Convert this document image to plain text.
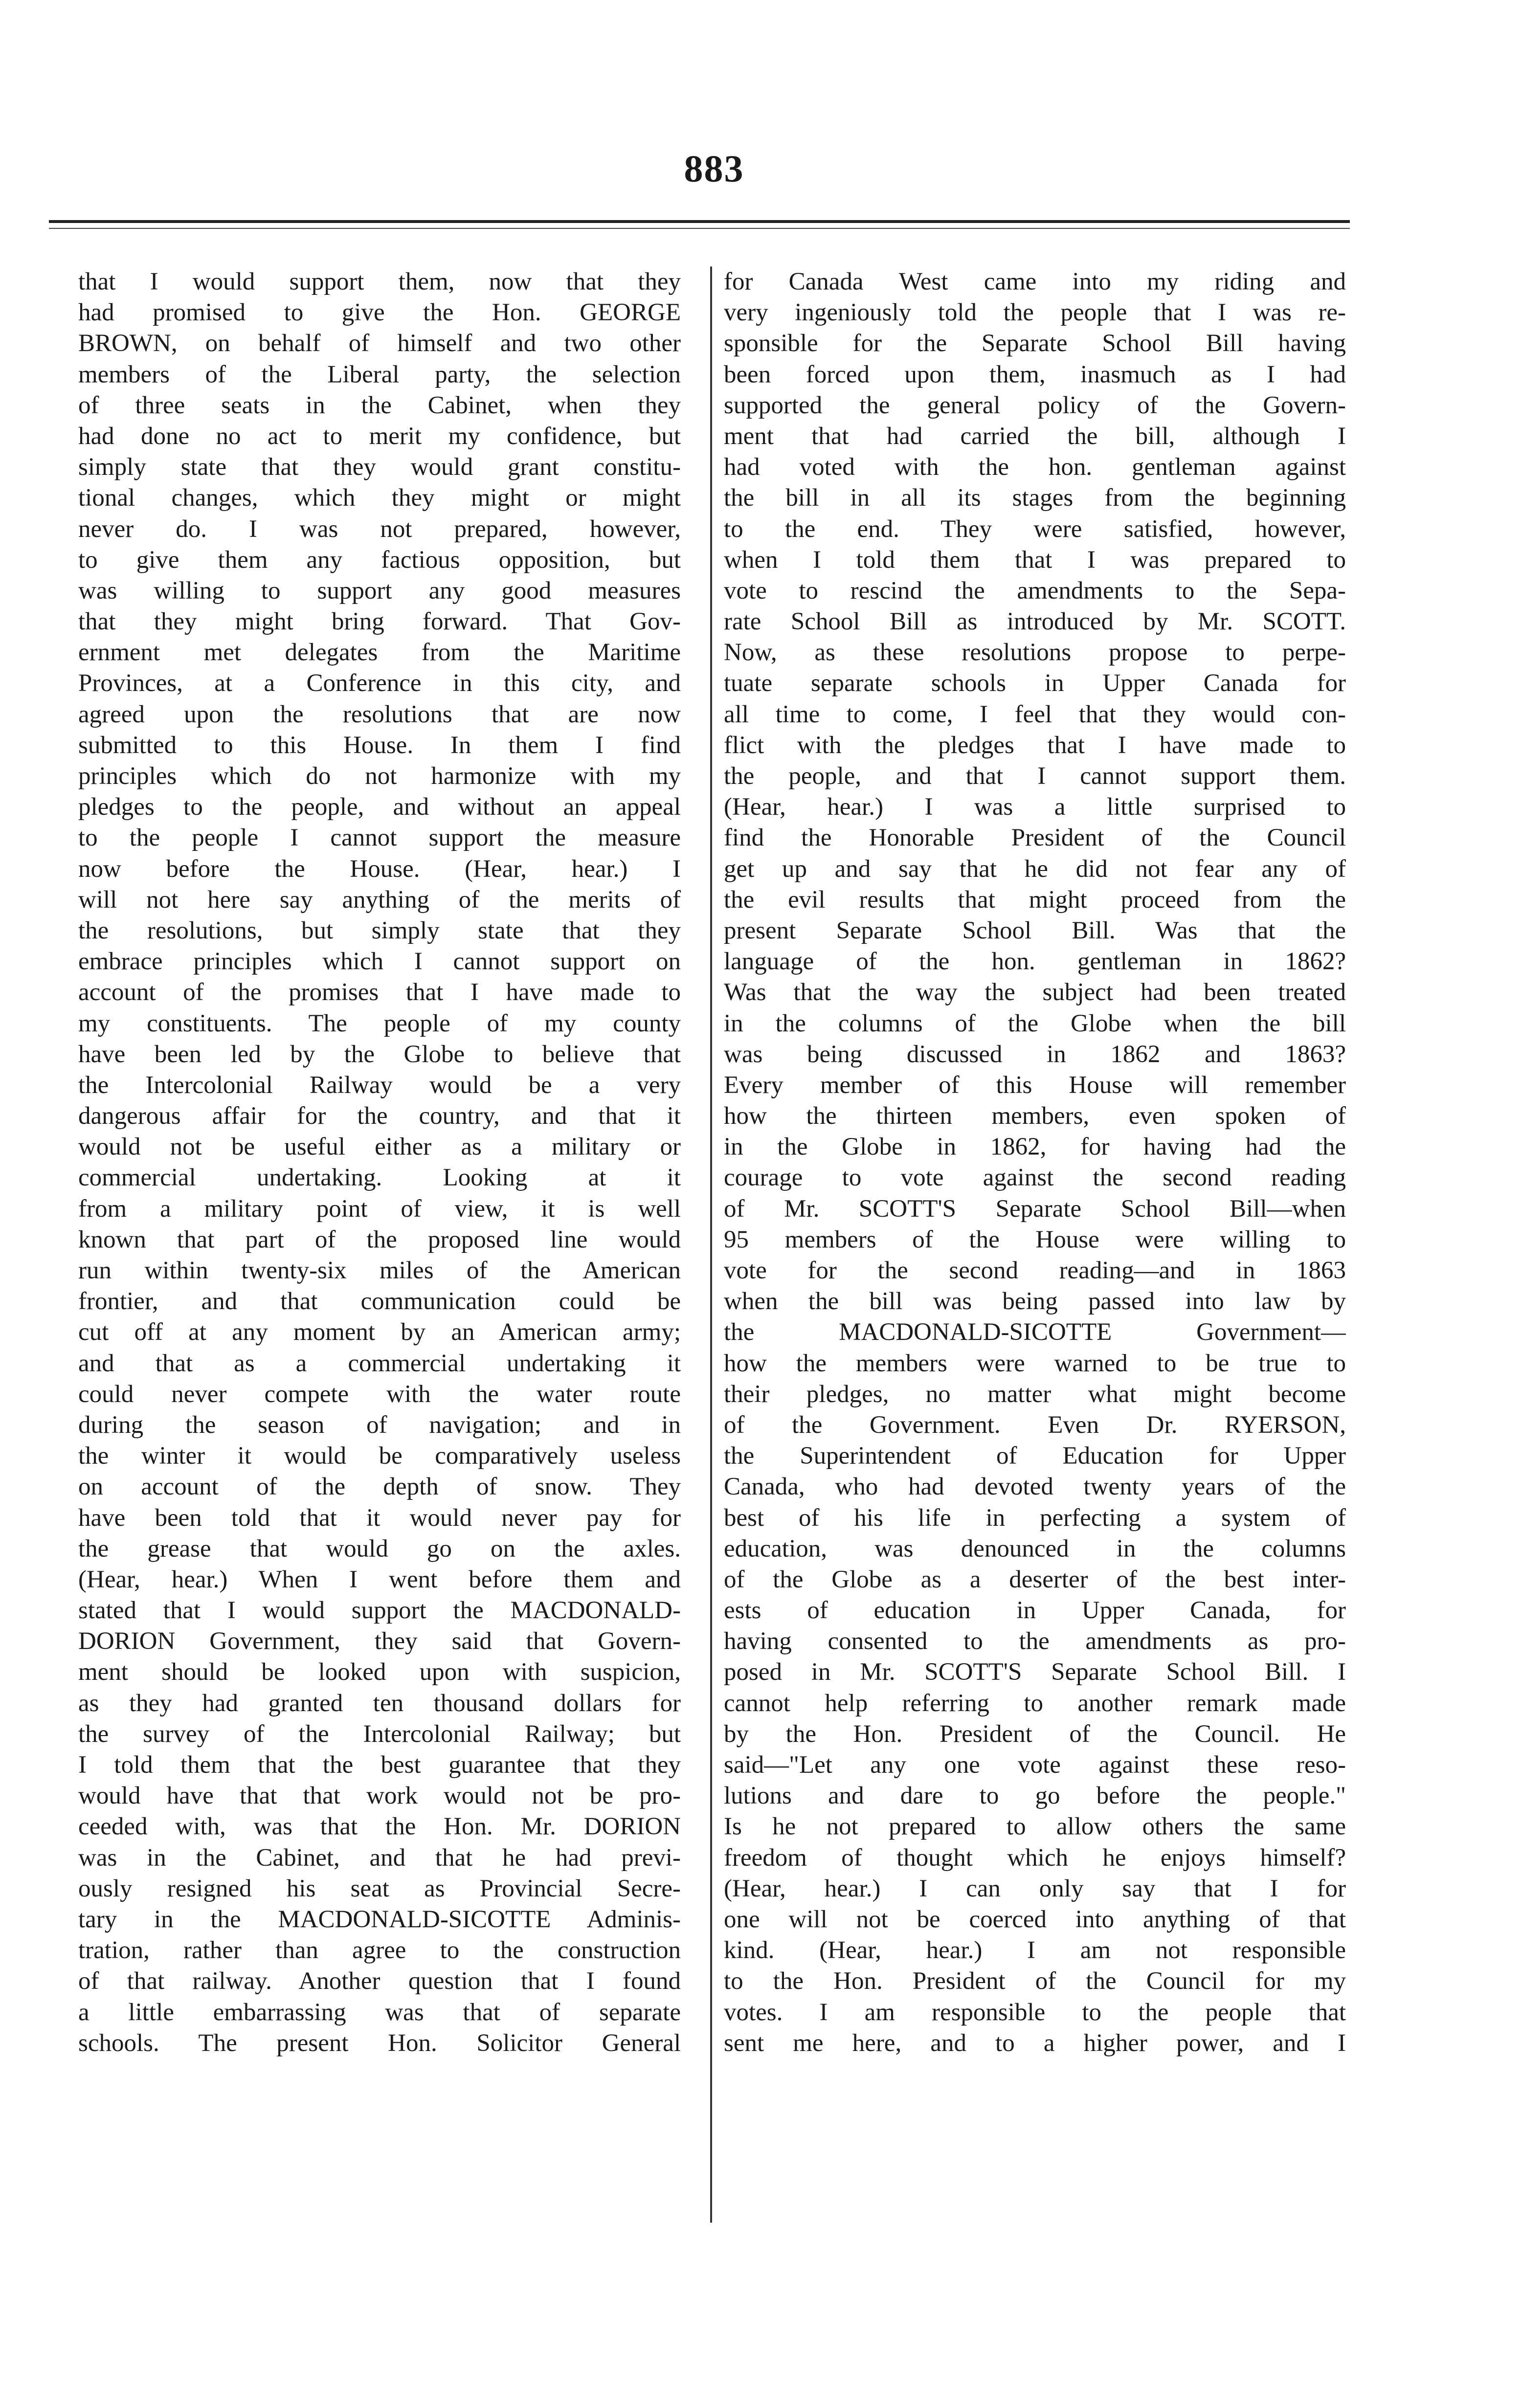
883
that I would support them, now that they
had promised to give the Hon. GEORGE
BROWN, on behalf of himself and two other
members of the Liberal party, the selection
of three seats in the Cabinet, when they
had done no act to merit my confidence, but
simply state that they would grant constitu-
tional changes, which they might or might
never do. I was not prepared, however,
to give them any factious opposition, but
was willing to support any good measures
that they might bring forward. That Gov-
ernment met delegates from the Maritime
Provinces, at a Conference in this city, and
agreed upon the resolutions that are now
submitted to this House. In them I find
principles which do not harmonize with my
pledges to the people, and without an appeal
to the people I cannot support the measure
now before the House. (Hear, hear.) I
will not here say anything of the merits of
the resolutions, but simply state that they
embrace principles which I cannot support on
account of the promises that I have made to
my constituents. The people of my county
have been led by the Globe to believe that
the Intercolonial Railway would be a very
dangerous affair for the country, and that it
would not be useful either as a military or
commercial undertaking. Looking at it
from a military point of view, it is well
known that part of the proposed line would
run within twenty-six miles of the American
frontier, and that communication could be
cut off at any moment by an American army;
and that as a commercial undertaking it
could never compete with the water route
during the season of navigation; and in
the winter it would be comparatively useless
on account of the depth of snow. They
have been told that it would never pay for
the grease that would go on the axles.
(Hear, hear.) When I went before them and
stated that I would support the MACDONALD-
DORION Government, they said that Govern-
ment should be looked upon with suspicion,
as they had granted ten thousand dollars for
the survey of the Intercolonial Railway; but
I told them that the best guarantee that they
would have that that work would not be pro-
ceeded with, was that the Hon. Mr. DORION
was in the Cabinet, and that he had previ-
ously resigned his seat as Provincial Secre-
tary in the MACDONALD-SICOTTE Adminis-
tration, rather than agree to the construction
of that railway. Another question that I found
a little embarrassing was that of separate
schools. The present Hon. Solicitor General
for Canada West came into my riding and
very ingeniously told the people that I was re-
sponsible for the Separate School Bill having
been forced upon them, inasmuch as I had
supported the general policy of the Govern-
ment that had carried the bill, although I
had voted with the hon. gentleman against
the bill in all its stages from the beginning
to the end. They were satisfied, however,
when I told them that I was prepared to
vote to rescind the amendments to the Sepa-
rate School Bill as introduced by Mr. SCOTT.
Now, as these resolutions propose to perpe-
tuate separate schools in Upper Canada for
all time to come, I feel that they would con-
flict with the pledges that I have made to
the people, and that I cannot support them.
(Hear, hear.) I was a little surprised to
find the Honorable President of the Council
get up and say that he did not fear any of
the evil results that might proceed from the
present Separate School Bill. Was that the
language of the hon. gentleman in 1862?
Was that the way the subject had been treated
in the columns of the Globe when the bill
was being discussed in 1862 and 1863?
Every member of this House will remember
how the thirteen members, even spoken of
in the Globe in 1862, for having had the
courage to vote against the second reading
of Mr. SCOTT'S Separate School Bill—when
95 members of the House were willing to
vote for the second reading—and in 1863
when the bill was being passed into law by
the MACDONALD-SICOTTE Government—
how the members were warned to be true to
their pledges, no matter what might become
of the Government. Even Dr. RYERSON,
the Superintendent of Education for Upper
Canada, who had devoted twenty years of the
best of his life in perfecting a system of
education, was denounced in the columns
of the Globe as a deserter of the best inter-
ests of education in Upper Canada, for
having consented to the amendments as pro-
posed in Mr. SCOTT'S Separate School Bill. I
cannot help referring to another remark made
by the Hon. President of the Council. He
said—"Let any one vote against these reso-
lutions and dare to go before the people."
Is he not prepared to allow others the same
freedom of thought which he enjoys himself?
(Hear, hear.) I can only say that I for
one will not be coerced into anything of that
kind. (Hear, hear.) I am not responsible
to the Hon. President of the Council for my
votes. I am responsible to the people that
sent me here, and to a higher power, and I
